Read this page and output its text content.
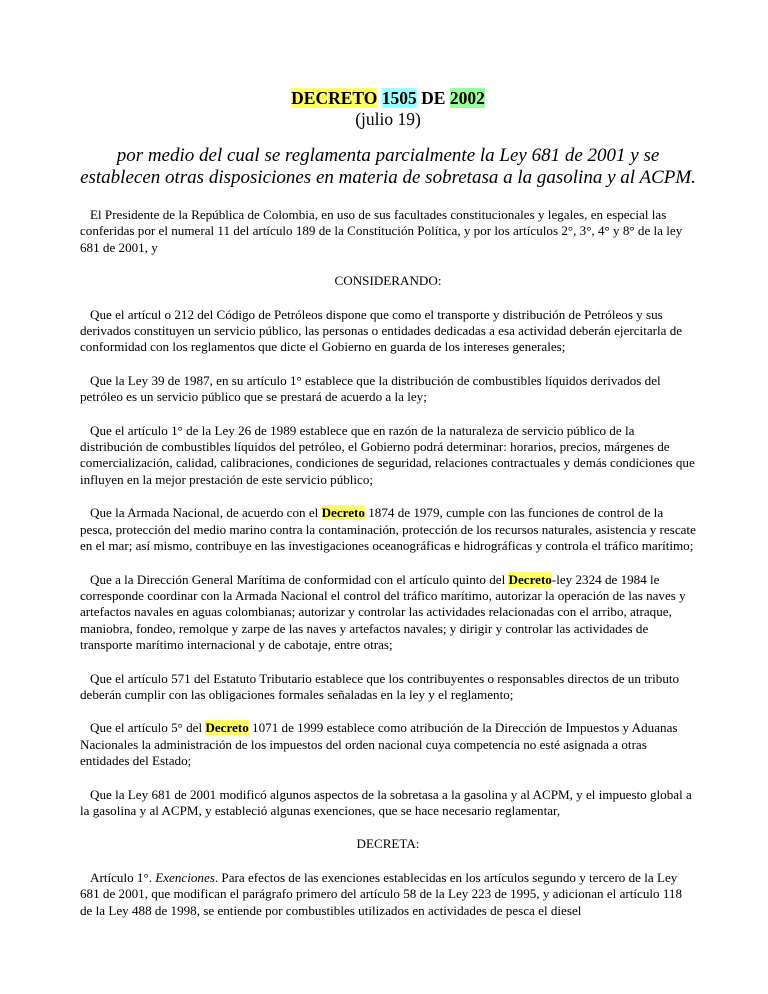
DECRETO 1505 DE 2002

(julio 19)

por medio del cual se reglamenta parcialmente la Ley 681 de 2001 y se establecen otras disposiciones en materia de sobretasa a la gasolina y al ACPM.

El Presidente de la República de Colombia, en uso de sus facultades constitucionales y legales, en especial las conferidas por el numeral 11 del artículo 189 de la Constitución Política, y por los artículos 2°, 3°, 4° y 8° de la ley 681 de 2001, y

CONSIDERANDO:

Que el artícul o 212 del Código de Petróleos dispone que como el transporte y distribución de Petróleos y sus derivados constituyen un servicio público, las personas o entidades dedicadas a esa actividad deberán ejercitarla de conformidad con los reglamentos que dicte el Gobierno en guarda de los intereses generales;

Que la Ley 39 de 1987, en su artículo 1° establece que la distribución de combustibles líquidos derivados del petróleo es un servicio público que se prestará de acuerdo a la ley;

Que el artículo 1° de la Ley 26 de 1989 establece que en razón de la naturaleza de servicio público de la distribución de combustibles líquidos del petróleo, el Gobierno podrá determinar: horarios, precios, márgenes de comercialización, calidad, calibraciones, condiciones de seguridad, relaciones contractuales y demás condiciones que influyen en la mejor prestación de este servicio público;

Que la Armada Nacional, de acuerdo con el Decreto 1874 de 1979, cumple con las funciones de control de la pesca, protección del medio marino contra la contaminación, protección de los recursos naturales, asistencia y rescate en el mar; así mismo, contribuye en las investigaciones oceanográficas e hidrográficas y controla el tráfico marítimo;

Que a la Dirección General Marítima de conformidad con el artículo quinto del Decreto-ley 2324 de 1984 le corresponde coordinar con la Armada Nacional el control del tráfico marítimo, autorizar la operación de las naves y artefactos navales en aguas colombianas; autorizar y controlar las actividades relacionadas con el arribo, atraque, maniobra, fondeo, remolque y zarpe de las naves y artefactos navales; y dirigir y controlar las actividades de transporte marítimo internacional y de cabotaje, entre otras;

Que el artículo 571 del Estatuto Tributario establece que los contribuyentes o responsables directos de un tributo deberán cumplir con las obligaciones formales señaladas en la ley y el reglamento;

Que el artículo 5° del Decreto 1071 de 1999 establece como atribución de la Dirección de Impuestos y Aduanas Nacionales la administración de los impuestos del orden nacional cuya competencia no esté asignada a otras entidades del Estado;

Que la Ley 681 de 2001 modificó algunos aspectos de la sobretasa a la gasolina y al ACPM, y el impuesto global a la gasolina y al ACPM, y estableció algunas exenciones, que se hace necesario reglamentar,

DECRETA:

Artículo 1°. Exenciones. Para efectos de las exenciones establecidas en los artículos segundo y tercero de la Ley 681 de 2001, que modifican el parágrafo primero del artículo 58 de la Ley 223 de 1995, y adicionan el artículo 118 de la Ley 488 de 1998, se entiende por combustibles utilizados en actividades de pesca el diesel
